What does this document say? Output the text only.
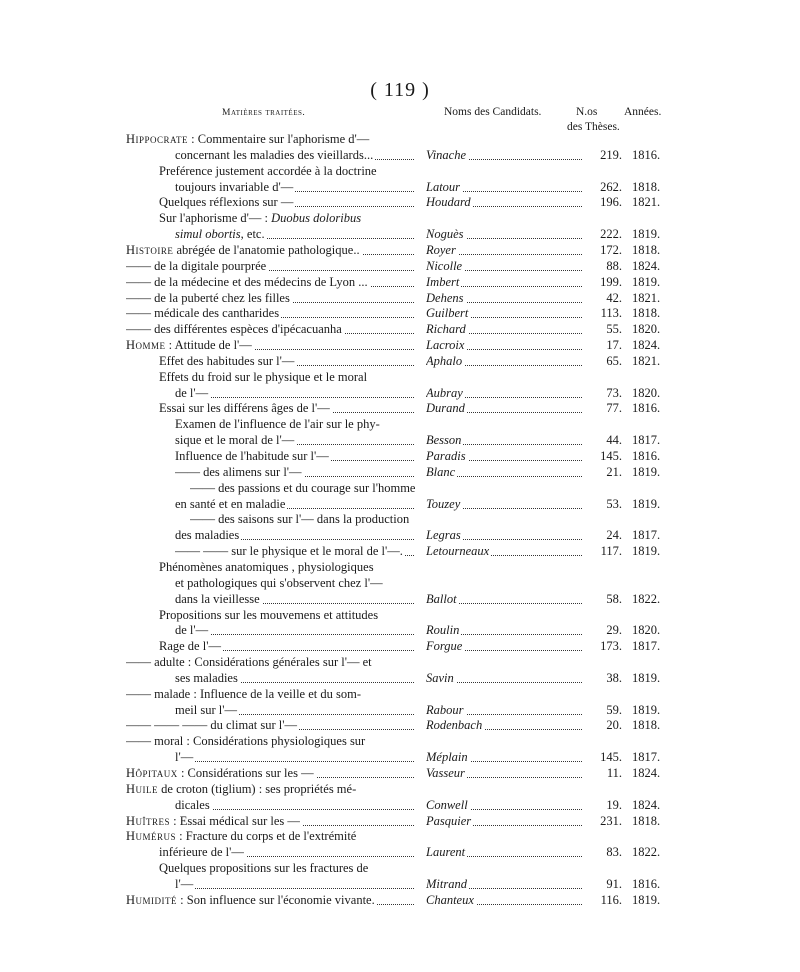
( 119 )
Matières traitées.	Noms des Candidats.	N.os Années.
des Thèses.
Hippocrate : Commentaire sur l'aphorisme d'—
concernant les maladies des vieillards...	Vinache	219. 1816.
Preférence justement accordée à la doctrine
toujours invariable d'—	Latour	262. 1818.
Quelques réflexions sur —	Houdard	196. 1821.
Sur l'aphorisme d'— : Duobus doloribus
simul obortis, etc.	Noguès	222. 1819.
Histoire abrégée de l'anatomie pathologique..	Royer	172. 1818.
—— de la digitale pourprée	Nicolle	88. 1824.
—— de la médecine et des médecins de Lyon ...	Imbert	199. 1819.
—— de la puberté chez les filles	Dehens	42. 1821.
—— médicale des cantharides	Guilbert	113. 1818.
—— des différentes espèces d'ipécacuanha	Richard	55. 1820.
Homme : Attitude de l'—	Lacroix	17. 1824.
Effet des habitudes sur l'—	Aphalo	65. 1821.
Effets du froid sur le physique et le moral
de l'—	Aubray	73. 1820.
Essai sur les différens âges de l'—	Durand	77. 1816.
Examen de l'influence de l'air sur le phy-
sique et le moral de l'—	Besson	44. 1817.
Influence de l'habitude sur l'—	Paradis	145. 1816.
—— des alimens sur l'—	Blanc	21. 1819.
—— des passions et du courage sur l'homme
en santé et en maladie	Touzey	53. 1819.
—— des saisons sur l'— dans la production
des maladies	Legras	24. 1817.
—— —— sur le physique et le moral de l'—.	Letourneaux	117. 1819.
Phénomènes anatomiques , physiologiques
et pathologiques qui s'observent chez l'—
dans la vieillesse	Ballot	58. 1822.
Propositions sur les mouvemens et attitudes
de l'—	Roulin	29. 1820.
Rage de l'—	Forgue	173. 1817.
—— adulte : Considérations générales sur l'— et
ses maladies	Savin	38. 1819.
—— malade : Influence de la veille et du som-
meil sur l'—	Rabour	59. 1819.
—— —— —— du climat sur l'—	Rodenbach	20. 1818.
—— moral : Considérations physiologiques sur
l'—	Méplain	145. 1817.
Hôpitaux : Considérations sur les —	Vasseur	11. 1824.
Huile de croton (tiglium) : ses propriétés mé-
dicales	Conwell	19. 1824.
Huîtres : Essai médical sur les —	Pasquier	231. 1818.
Humérus : Fracture du corps et de l'extrémité
inférieure de l'—	Laurent	83. 1822.
Quelques propositions sur les fractures de
l'—	Mitrand	91. 1816.
Humidité : Son influence sur l'économie vivante.	Chanteux	116. 1819.
